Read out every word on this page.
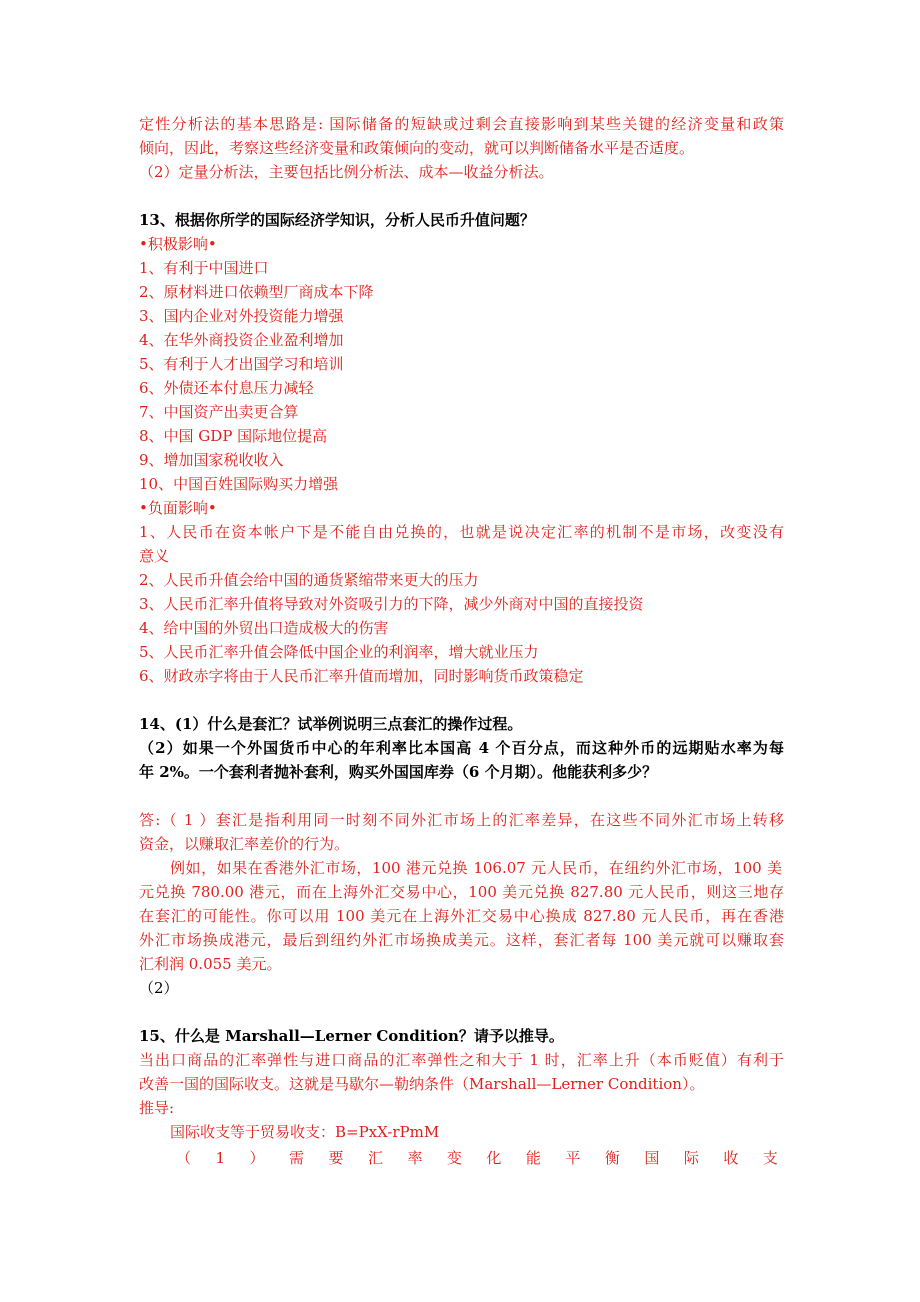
定性分析法的基本思路是: 国际储备的短缺或过剩会直接影响到某些关键的经济变量和政策
倾向，因此，考察这些经济变量和政策倾向的变动，就可以判断储备水平是否适度。
（2）定量分析法，主要包括比例分析法、成本—收益分析法。
13、根据你所学的国际经济学知识，分析人民币升值问题？
•积极影响•
1、有利于中国进口
2、原材料进口依赖型厂商成本下降
3、国内企业对外投资能力增强
4、在华外商投资企业盈利增加
5、有利于人才出国学习和培训
6、外债还本付息压力减轻
7、中国资产出卖更合算
8、中国 GDP 国际地位提高
9、增加国家税收收入
10、中国百姓国际购买力增强
•负面影响•
1、人民币在资本帐户下是不能自由兑换的，也就是说决定汇率的机制不是市场，改变没有
意义
2、人民币升值会给中国的通货紧缩带来更大的压力
3、人民币汇率升值将导致对外资吸引力的下降，减少外商对中国的直接投资
4、给中国的外贸出口造成极大的伤害
5、人民币汇率升值会降低中国企业的利润率，增大就业压力
6、财政赤字将由于人民币汇率升值而增加，同时影响货币政策稳定
14、(1）什么是套汇？试举例说明三点套汇的操作过程。
（2）如果一个外国货币中心的年利率比本国高 4 个百分点，而这种外币的远期贴水率为每
年 2%。一个套利者抛补套利，购买外国国库券（6 个月期）。他能获利多少？
答:（ 1 ）套汇是指利用同一时刻不同外汇市场上的汇率差异，在这些不同外汇市场上转移
资金，以赚取汇率差价的行为。
例如，如果在香港外汇市场，100 港元兑换 106.07 元人民币，在纽约外汇市场，100 美
元兑换 780.00 港元，而在上海外汇交易中心，100 美元兑换 827.80 元人民币，则这三地存
在套汇的可能性。你可以用 100 美元在上海外汇交易中心换成 827.80 元人民币，再在香港
外汇市场换成港元，最后到纽约外汇市场换成美元。这样，套汇者每 100 美元就可以赚取套
汇利润 0.055 美元。
（2）
15、什么是 Marshall—Lerner Condition？请予以推导。
当出口商品的汇率弹性与进口商品的汇率弹性之和大于 1 时，汇率上升（本币贬值）有利于
改善一国的国际收支。这就是马歇尔—勒纳条件（Marshall—Lerner Condition）。
推导:
国际收支等于贸易收支：B=PxX-rPmM
（ 1 ） 需 要 汇 率 变 化 能 平 衡 国 际 收 支
